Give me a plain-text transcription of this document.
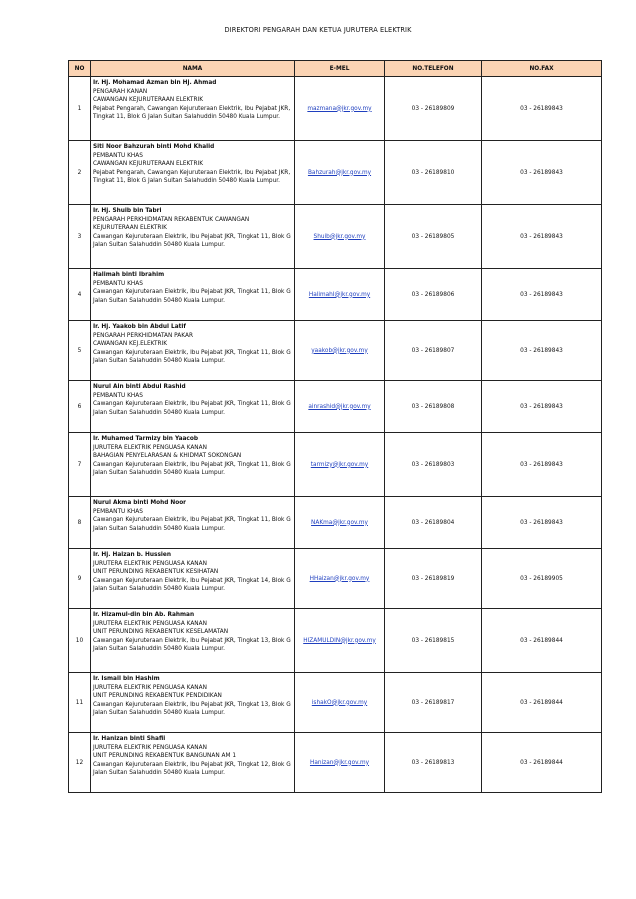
DIREKTORI PENGARAH DAN KETUA JURUTERA ELEKTRIK
NO	NAMA	E-MEL	NO.TELEFON	NO.FAX
1	Ir. Hj. Mohamad Azman bin Hj. Ahmad
PENGARAH KANAN
CAWANGAN KEJURUTERAAN ELEKTRIK
Pejabat Pengarah, Cawangan Kejuruteraan Elektrik, Ibu Pejabat JKR, Tingkat 11, Blok G Jalan Sultan Salahuddin 50480 Kuala Lumpur.	mazmana@jkr.gov.my	03 - 26189809	03 - 26189843
2	Siti Noor Bahzurah binti Mohd Khalid
PEMBANTU KHAS
CAWANGAN KEJURUTERAAN ELEKTRIK
Pejabat Pengarah, Cawangan Kejuruteraan Elektrik, Ibu Pejabat JKR, Tingkat 11, Blok G Jalan Sultan Salahuddin 50480 Kuala Lumpur.	Bahzurah@jkr.gov.my	03 - 26189810	03 - 26189843
3	Ir. Hj. Shuib bin Tabri
PENGARAH PERKHIDMATAN REKABENTUK CAWANGAN KEJURUTERAAN ELEKTRIK
Cawangan Kejuruteraan Elektrik, Ibu Pejabat JKR, Tingkat 11, Blok G Jalan Sultan Salahuddin 50480 Kuala Lumpur.	Shuib@jkr.gov.my	03 - 26189805	03 - 26189843
4	Halimah binti Ibrahim
PEMBANTU KHAS
Cawangan Kejuruteraan Elektrik, Ibu Pejabat JKR, Tingkat 11, Blok G Jalan Sultan Salahuddin 50480 Kuala Lumpur.	HalimahI@jkr.gov.my	03 - 26189806	03 - 26189843
5	Ir. Hj. Yaakob bin Abdul Latif
PENGARAH PERKHIDMATAN PAKAR
CAWANGAN KEJ.ELEKTRIK
Cawangan Kejuruteraan Elektrik, Ibu Pejabat JKR, Tingkat 11, Blok G Jalan Sultan Salahuddin 50480 Kuala Lumpur.	yaakob@jkr.gov.my	03 - 26189807	03 - 26189843
6	Nurul Ain binti Abdul Rashid
PEMBANTU KHAS
Cawangan Kejuruteraan Elektrik, Ibu Pejabat JKR, Tingkat 11, Blok G Jalan Sultan Salahuddin 50480 Kuala Lumpur.	ainrashid@jkr.gov.my	03 - 26189808	03 - 26189843
7	Ir. Muhamed Tarmizy bin Yaacob
JURUTERA ELEKTRIK PENGUASA KANAN
BAHAGIAN PENYELARASAN & KHIDMAT SOKONGAN
Cawangan Kejuruteraan Elektrik, Ibu Pejabat JKR, Tingkat 11, Blok G Jalan Sultan Salahuddin 50480 Kuala Lumpur.	tarmizy@jkr.gov.my	03 - 26189803	03 - 26189843
8	Nurul Akma binti Mohd Noor
PEMBANTU KHAS
Cawangan Kejuruteraan Elektrik, Ibu Pejabat JKR, Tingkat 11, Blok G Jalan Sultan Salahuddin 50480 Kuala Lumpur.	NAKma@jkr.gov.my	03 - 26189804	03 - 26189843
9	Ir. Hj. Haizan b. Hussien
JURUTERA ELEKTRIK PENGUASA KANAN
UNIT PERUNDING REKABENTUK KESIHATAN
Cawangan Kejuruteraan Elektrik, Ibu Pejabat JKR, Tingkat 14, Blok G Jalan Sultan Salahuddin 50480 Kuala Lumpur.	HHaizan@jkr.gov.my	03 - 26189819	03 - 26189905
10	Ir. Hizamul-din bin Ab. Rahman
JURUTERA ELEKTRIK PENGUASA KANAN
UNIT PERUNDING REKABENTUK KESELAMATAN
Cawangan Kejuruteraan Elektrik, Ibu Pejabat JKR, Tingkat 13, Blok G Jalan Sultan Salahuddin 50480 Kuala Lumpur.	HIZAMULDIN@jkr.gov.my	03 - 26189815	03 - 26189844
11	Ir. Ismail bin Hashim
JURUTERA ELEKTRIK PENGUASA KANAN
UNIT PERUNDING REKABENTUK PENDIDIKAN
Cawangan Kejuruteraan Elektrik, Ibu Pejabat JKR, Tingkat 13, Blok G Jalan Sultan Salahuddin 50480 Kuala Lumpur.	ishakO@jkr.gov.my	03 - 26189817	03 - 26189844
12	Ir. Hanizan binti Shafii
JURUTERA ELEKTRIK PENGUASA KANAN
UNIT PERUNDING REKABENTUK BANGUNAN AM 1
Cawangan Kejuruteraan Elektrik, Ibu Pejabat JKR, Tingkat 12, Blok G Jalan Sultan Salahuddin 50480 Kuala Lumpur.	Hanizan@jkr.gov.my	03 - 26189813	03 - 26189844
